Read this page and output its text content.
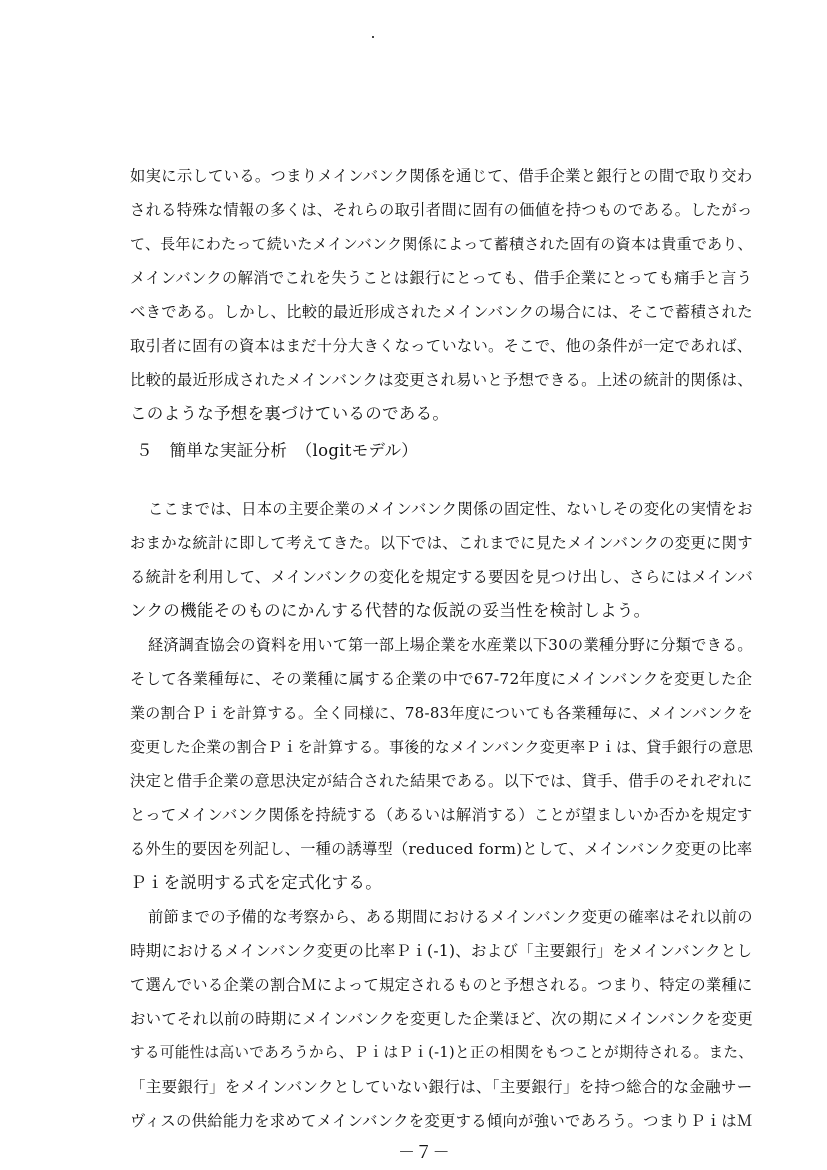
如実に示している。つまりメインバンク関係を通じて、借手企業と銀行との間で取り交わ
される特殊な情報の多くは、それらの取引者間に固有の価値を持つものである。したがっ
て、長年にわたって続いたメインバンク関係によって蓄積された固有の資本は貴重であり、
メインバンクの解消でこれを失うことは銀行にとっても、借手企業にとっても痛手と言う
べきである。しかし、比較的最近形成されたメインバンクの場合には、そこで蓄積された
取引者に固有の資本はまだ十分大きくなっていない。そこで、他の条件が一定であれば、
比較的最近形成されたメインバンクは変更され易いと予想できる。上述の統計的関係は、
このような予想を裏づけているのである。
５　簡単な実証分析　（logitモデル）
ここまでは、日本の主要企業のメインバンク関係の固定性、ないしその変化の実情をお
おまかな統計に即して考えてきた。以下では、これまでに見たメインバンクの変更に関す
る統計を利用して、メインバンクの変化を規定する要因を見つけ出し、さらにはメインバ
ンクの機能そのものにかんする代替的な仮説の妥当性を検討しよう。
経済調査協会の資料を用いて第一部上場企業を水産業以下30の業種分野に分類できる。
そして各業種毎に、その業種に属する企業の中で67-72年度にメインバンクを変更した企
業の割合Ｐｉを計算する。全く同様に、78-83年度についても各業種毎に、メインバンクを
変更した企業の割合Ｐｉを計算する。事後的なメインバンク変更率Ｐｉは、貸手銀行の意思
決定と借手企業の意思決定が結合された結果である。以下では、貸手、借手のそれぞれに
とってメインバンク関係を持続する（あるいは解消する）ことが望ましいか否かを規定す
る外生的要因を列記し、一種の誘導型（reduced form)として、メインバンク変更の比率
Ｐｉを説明する式を定式化する。
前節までの予備的な考察から、ある期間におけるメインバンク変更の確率はそれ以前の
時期におけるメインバンク変更の比率Ｐｉ(-1)、および「主要銀行」をメインバンクとし
て選んでいる企業の割合Ｍによって規定されるものと予想される。つまり、特定の業種に
おいてそれ以前の時期にメインバンクを変更した企業ほど、次の期にメインバンクを変更
する可能性は高いであろうから、ＰｉはＰｉ(-1)と正の相関をもつことが期待される。また、
「主要銀行」をメインバンクとしていない銀行は、「主要銀行」を持つ総合的な金融サー
ヴィスの供給能力を求めてメインバンクを変更する傾向が強いであろう。つまりＰｉはＭ
－７－
